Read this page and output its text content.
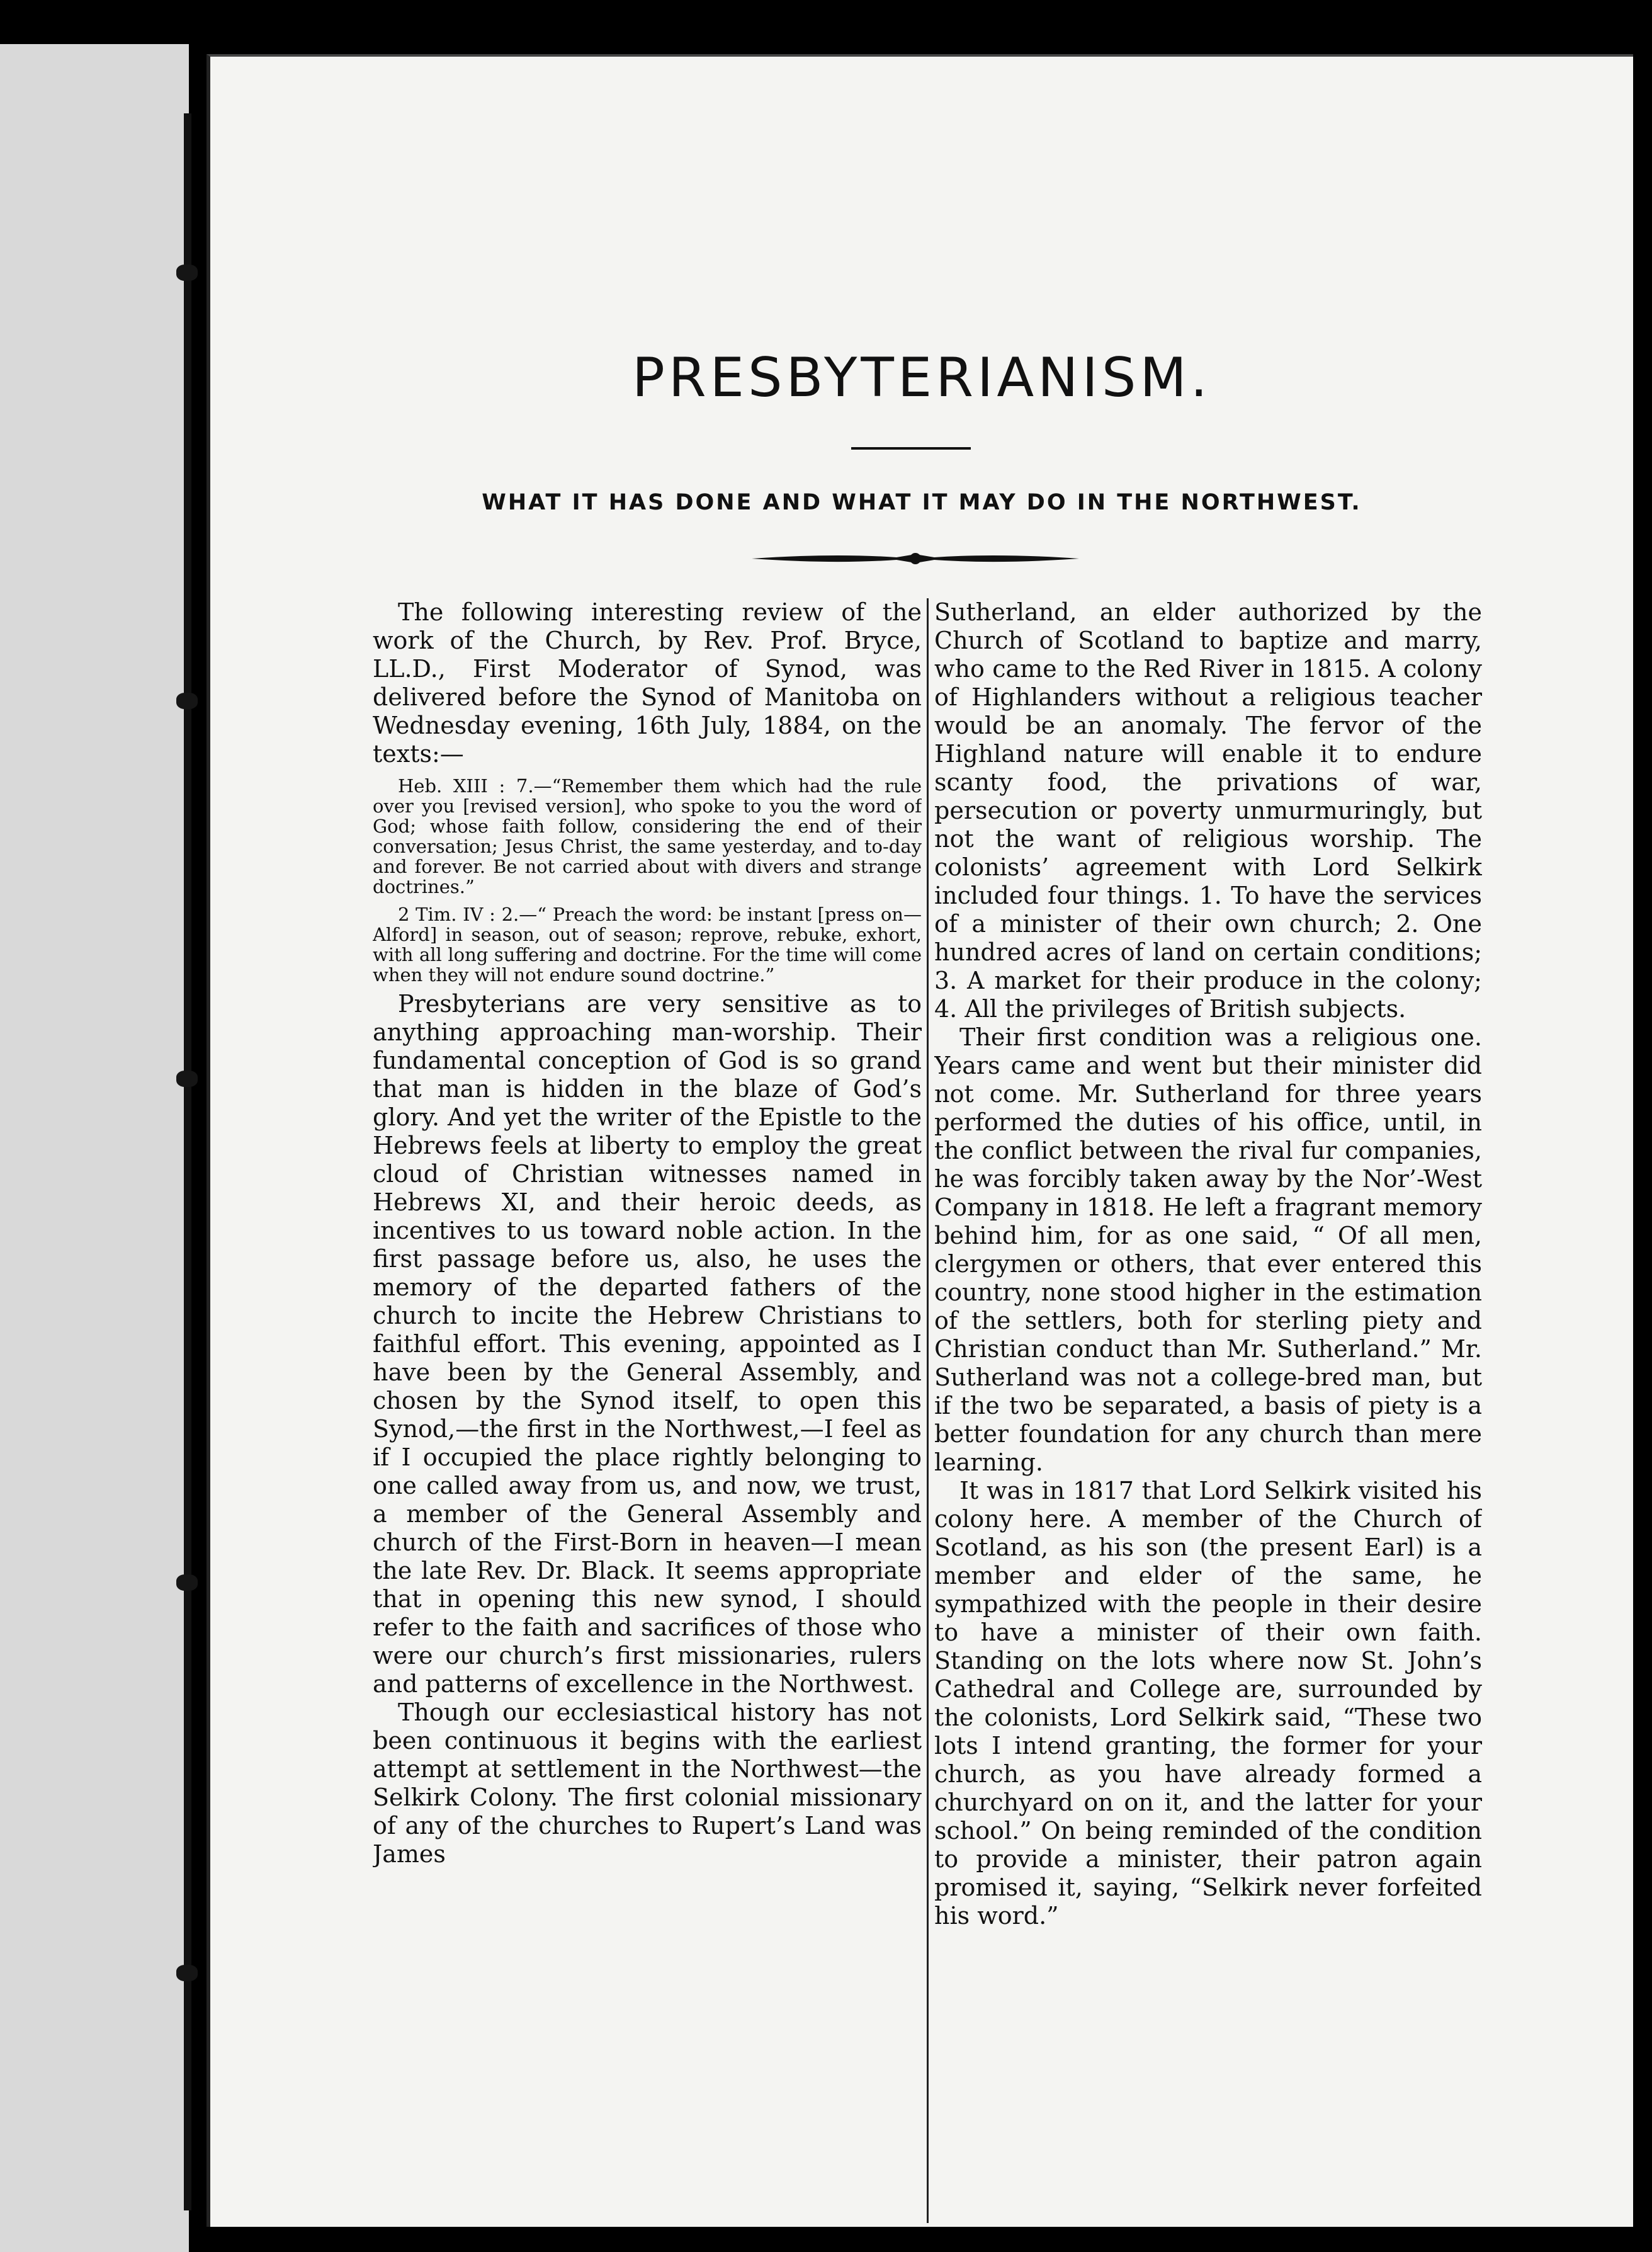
PRESBYTERIANISM.
WHAT IT HAS DONE AND WHAT IT MAY DO IN THE NORTHWEST.

The following interesting review of the work of the Church, by Rev. Prof. Bryce, LL.D., First Moderator of Synod, was delivered before the Synod of Manitoba on Wednesday evening, 16th July, 1884, on the texts:—

Heb. XIII : 7.—“Remember them which had the rule over you [revised version], who spoke to you the word of God; whose faith follow, considering the end of their conversation; Jesus Christ, the same yesterday, and to-day and forever. Be not carried about with divers and strange doctrines.”

2 Tim. IV : 2.—“ Preach the word: be instant [press on—Alford] in season, out of season; reprove, rebuke, exhort, with all long suffering and doctrine. For the time will come when they will not endure sound doctrine.”

Presbyterians are very sensitive as to anything approaching man-worship. Their fundamental conception of God is so grand that man is hidden in the blaze of God’s glory. And yet the writer of the Epistle to the Hebrews feels at liberty to employ the great cloud of Christian witnesses named in Hebrews XI, and their heroic deeds, as incentives to us toward noble action. In the first passage before us, also, he uses the memory of the departed fathers of the church to incite the Hebrew Christians to faithful effort. This evening, appointed as I have been by the General Assembly, and chosen by the Synod itself, to open this Synod,—the first in the Northwest,—I feel as if I occupied the place rightly belonging to one called away from us, and now, we trust, a member of the General Assembly and church of the First-Born in heaven—I mean the late Rev. Dr. Black. It seems appropriate that in opening this new synod, I should refer to the faith and sacrifices of those who were our church’s first missionaries, rulers and patterns of excellence in the Northwest.

Though our ecclesiastical history has not been continuous it begins with the earliest attempt at settlement in the Northwest—the Selkirk Colony. The first colonial missionary of any of the churches to Rupert’s Land was James

Sutherland, an elder authorized by the Church of Scotland to baptize and marry, who came to the Red River in 1815. A colony of Highlanders without a religious teacher would be an anomaly. The fervor of the Highland nature will enable it to endure scanty food, the privations of war, persecution or poverty unmurmuringly, but not the want of religious worship. The colonists’ agreement with Lord Selkirk included four things. 1. To have the services of a minister of their own church; 2. One hundred acres of land on certain conditions; 3. A market for their produce in the colony; 4. All the privileges of British subjects.

Their first condition was a religious one. Years came and went but their minister did not come. Mr. Sutherland for three years performed the duties of his office, until, in the conflict between the rival fur companies, he was forcibly taken away by the Nor’-West Company in 1818. He left a fragrant memory behind him, for as one said, “ Of all men, clergymen or others, that ever entered this country, none stood higher in the estimation of the settlers, both for sterling piety and Christian conduct than Mr. Sutherland.” Mr. Sutherland was not a college-bred man, but if the two be separated, a basis of piety is a better foundation for any church than mere learning.

It was in 1817 that Lord Selkirk visited his colony here. A member of the Church of Scotland, as his son (the present Earl) is a member and elder of the same, he sympathized with the people in their desire to have a minister of their own faith. Standing on the lots where now St. John’s Cathedral and College are, surrounded by the colonists, Lord Selkirk said, “These two lots I intend granting, the former for your church, as you have already formed a churchyard on on it, and the latter for your school.” On being reminded of the condition to provide a minister, their patron again promised it, saying, “Selkirk never forfeited his word.”
